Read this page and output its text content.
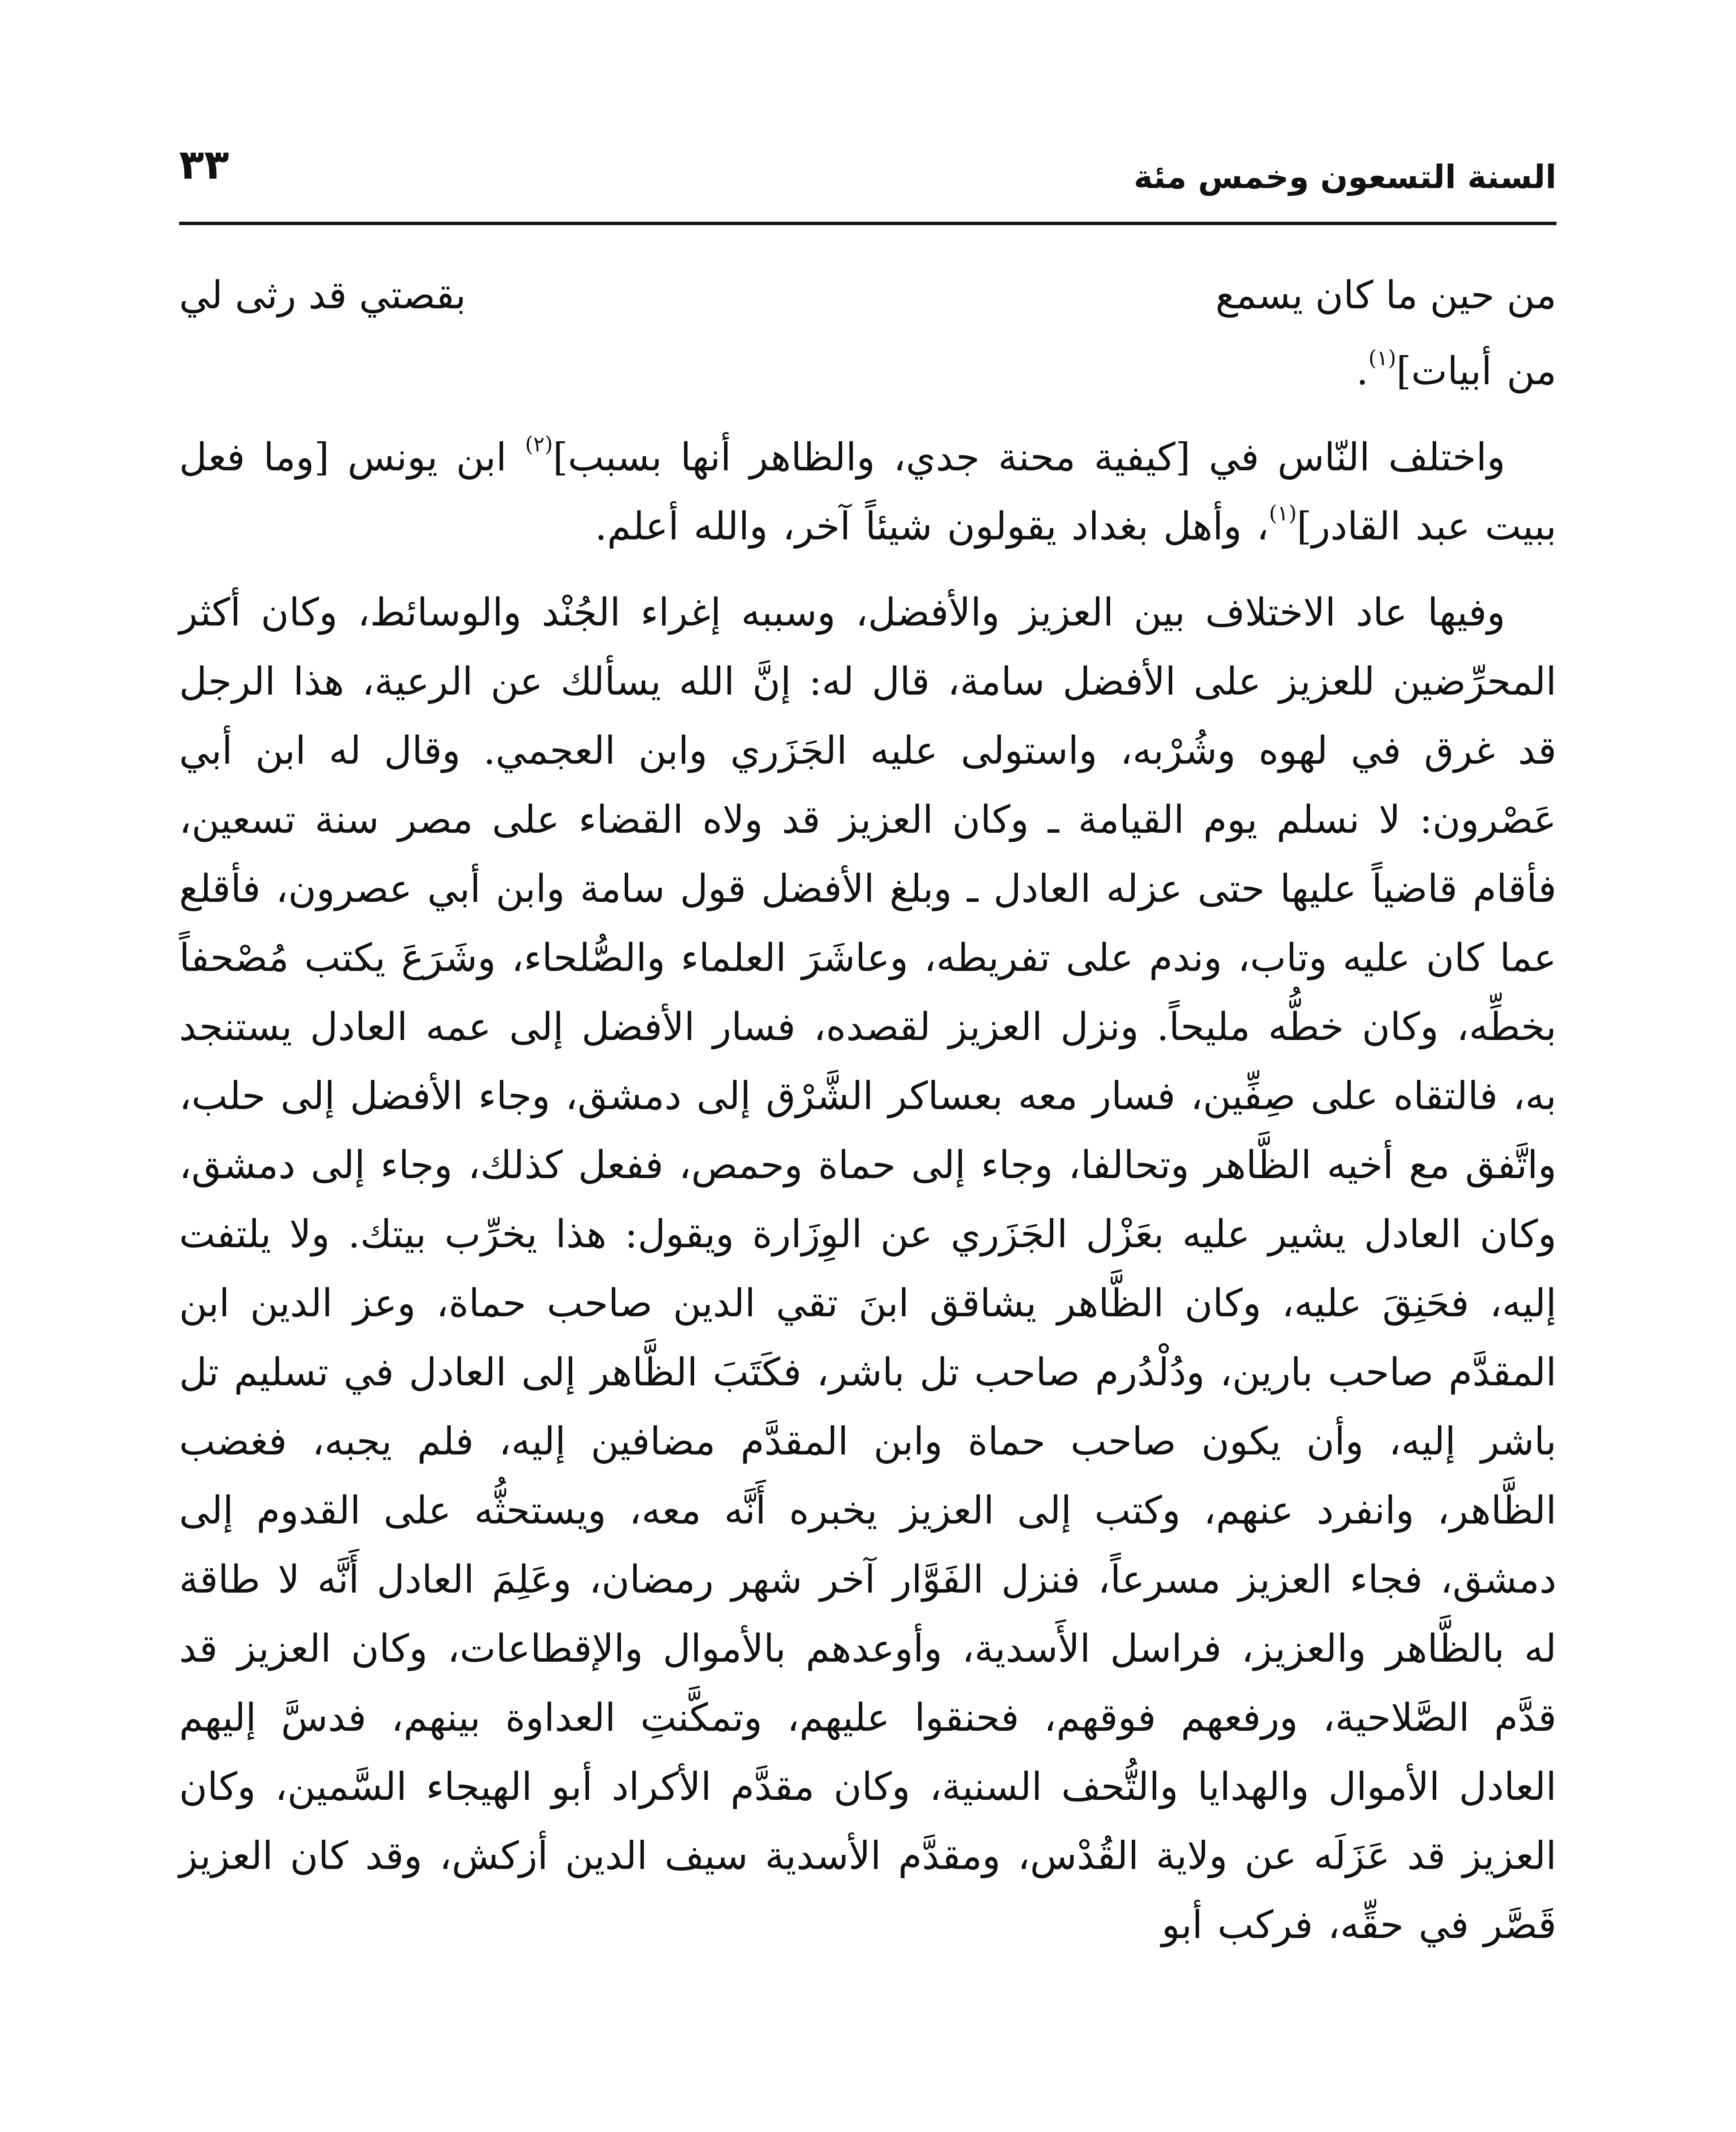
السنة التسعون وخمس مئة
٣٣
من حين ما كان يسمع
بقصتي قد رثى لي

من أبيات]$^{(١)}$.

واختلف النّاس في [كيفية محنة جدي، والظاهر أنها بسبب]$^{(٢)}$ ابن يونس [وما فعل ببيت عبد القادر]$^{(١)}$، وأهل بغداد يقولون شيئاً آخر، والله أعلم.

وفيها عاد الاختلاف بين العزيز والأفضل، وسببه إغراء الجُنْد والوسائط، وكان أكثر المحرِّضين للعزيز على الأفضل سامة، قال له: إنَّ الله يسألك عن الرعية، هذا الرجل قد غرق في لهوه وشُرْبه، واستولى عليه الجَزَري وابن العجمي. وقال له ابن أبي عَصْرون: لا نسلم يوم القيامة ـ وكان العزيز قد ولاه القضاء على مصر سنة تسعين، فأقام قاضياً عليها حتى عزله العادل ـ وبلغ الأفضل قول سامة وابن أبي عصرون، فأقلع عما كان عليه وتاب، وندم على تفريطه، وعاشَرَ العلماء والصُّلحاء، وشَرَعَ يكتب مُصْحفاً بخطِّه، وكان خطُّه مليحاً. ونزل العزيز لقصده، فسار الأفضل إلى عمه العادل يستنجد به، فالتقاه على صِفِّين، فسار معه بعساكر الشَّرْق إلى دمشق، وجاء الأفضل إلى حلب، واتَّفق مع أخيه الظَّاهر وتحالفا، وجاء إلى حماة وحمص، ففعل كذلك، وجاء إلى دمشق، وكان العادل يشير عليه بعَزْل الجَزَري عن الوِزَارة ويقول: هذا يخرِّب بيتك. ولا يلتفت إليه، فحَنِقَ عليه، وكان الظَّاهر يشاقق ابنَ تقي الدين صاحب حماة، وعز الدين ابن المقدَّم صاحب بارين، ودُلْدُرم صاحب تل باشر، فكَتَبَ الظَّاهر إلى العادل في تسليم تل باشر إليه، وأن يكون صاحب حماة وابن المقدَّم مضافين إليه، فلم يجبه، فغضب الظَّاهر، وانفرد عنهم، وكتب إلى العزيز يخبره أَنَّه معه، ويستحثُّه على القدوم إلى دمشق، فجاء العزيز مسرعاً، فنزل الفَوَّار آخر شهر رمضان، وعَلِمَ العادل أَنَّه لا طاقة له بالظَّاهر والعزيز، فراسل الأَسدية، وأوعدهم بالأموال والإقطاعات، وكان العزيز قد قدَّم الصَّلاحية، ورفعهم فوقهم، فحنقوا عليهم، وتمكَّنتِ العداوة بينهم، فدسَّ إليهم العادل الأموال والهدايا والتُّحف السنية، وكان مقدَّم الأكراد أبو الهيجاء السَّمين، وكان العزيز قد عَزَلَه عن ولاية القُدْس، ومقدَّم الأسدية سيف الدين أزكش، وقد كان العزيز قَصَّر في حقِّه، فركب أبو
